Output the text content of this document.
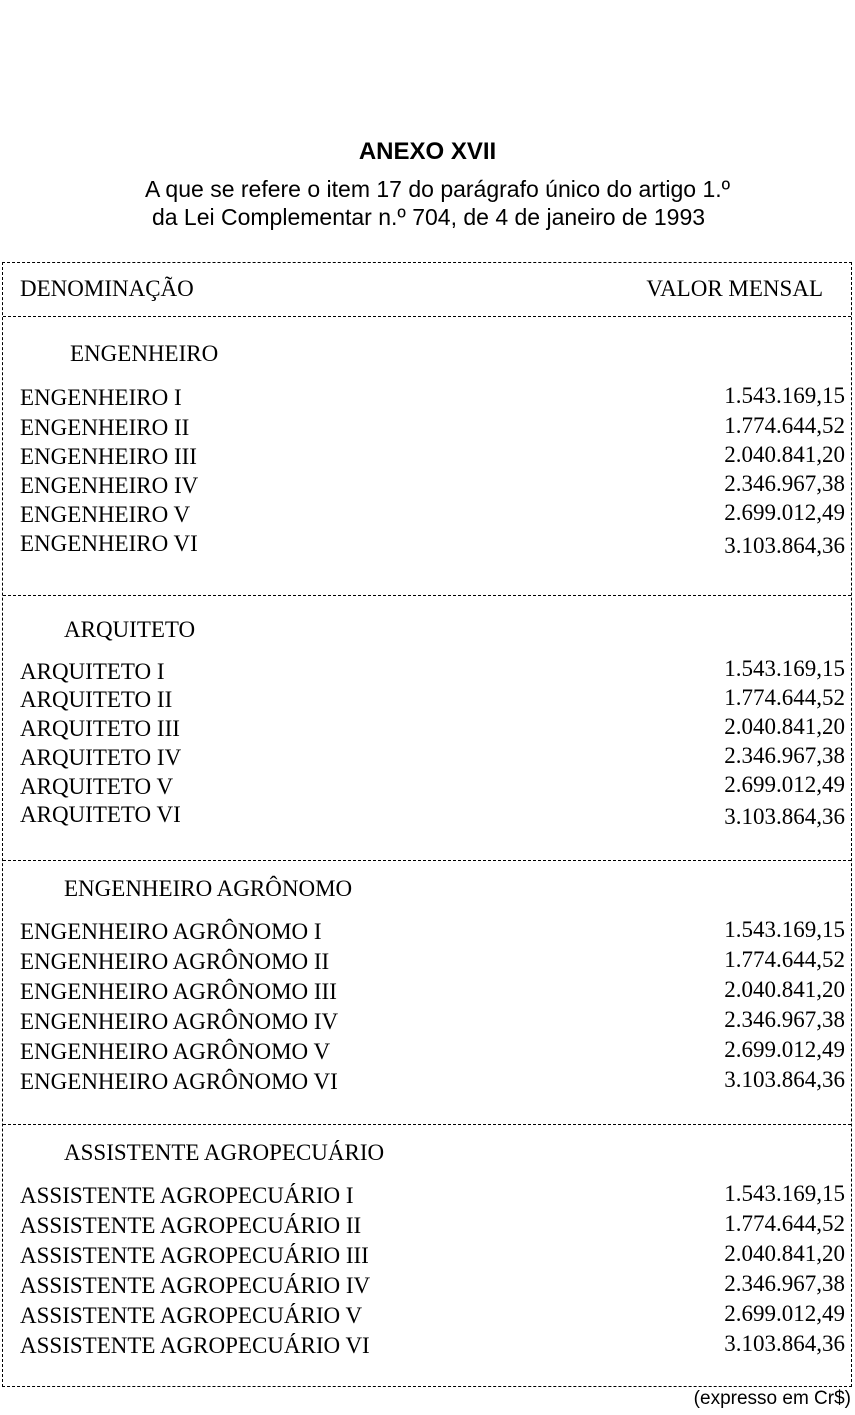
ANEXO XVII
A que se refere o item 17 do parágrafo único do artigo 1.º
da Lei Complementar n.º 704, de 4 de janeiro de 1993
DENOMINAÇÃO	VALOR MENSAL
ENGENHEIRO
ENGENHEIRO I	1.543.169,15
ENGENHEIRO II	1.774.644,52
ENGENHEIRO III	2.040.841,20
ENGENHEIRO IV	2.346.967,38
ENGENHEIRO V	2.699.012,49
ENGENHEIRO VI	3.103.864,36
ARQUITETO
ARQUITETO I	1.543.169,15
ARQUITETO II	1.774.644,52
ARQUITETO III	2.040.841,20
ARQUITETO IV	2.346.967,38
ARQUITETO V	2.699.012,49
ARQUITETO VI	3.103.864,36
ENGENHEIRO AGRÔNOMO
ENGENHEIRO AGRÔNOMO I	1.543.169,15
ENGENHEIRO AGRÔNOMO II	1.774.644,52
ENGENHEIRO AGRÔNOMO III	2.040.841,20
ENGENHEIRO AGRÔNOMO IV	2.346.967,38
ENGENHEIRO AGRÔNOMO V	2.699.012,49
ENGENHEIRO AGRÔNOMO VI	3.103.864,36
ASSISTENTE AGROPECUÁRIO
ASSISTENTE AGROPECUÁRIO I	1.543.169,15
ASSISTENTE AGROPECUÁRIO II	1.774.644,52
ASSISTENTE AGROPECUÁRIO III	2.040.841,20
ASSISTENTE AGROPECUÁRIO IV	2.346.967,38
ASSISTENTE AGROPECUÁRIO V	2.699.012,49
ASSISTENTE AGROPECUÁRIO VI	3.103.864,36
(expresso em Cr$)
